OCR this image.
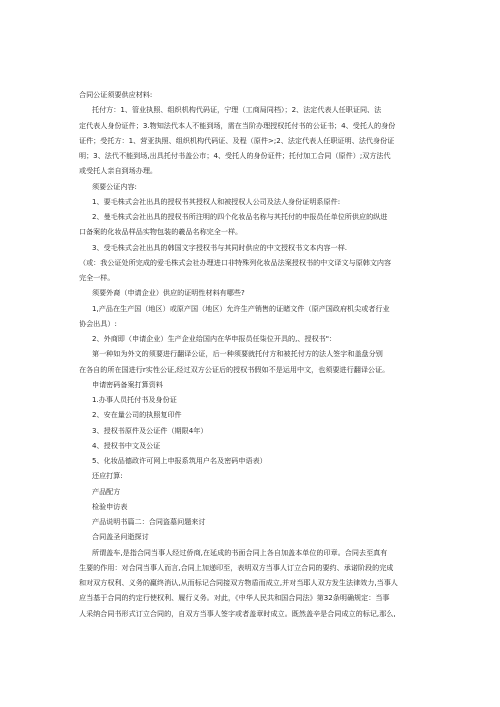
合同公证须要供应材料:
托付方：1、管业执照、组织机构代码证，宁理（工商局同档）；2、法定代表人任职证同、法
定代表人身份证件；3.物知法代本人不能到场，需在当阶办理授权托付书的公证书；4、受托人的身份
证件；受托方：1、营亚执照、组织机构代码证、及程（原件>;2、法定代表人任职证明、法代身份证
明；3、法代不能到场,出具托付书盖公市；4、受托人的身份证件；托付加工合同（原件）;双方法代
或受托人亲自到场办理。
须要公证内容:
1、要毛株式会社出具的授权书其授权人和被授权人公司及法人身份证明系原件:
2、曼毛株式会社出具的授权书所注明的四个化妆品名称与其托付的申报员任单位所供应的纵进
口备案的化妆品样品实物包装的羲品名称完全一样。
3、受毛株式会社出具的韩国文字授权书与其同时供应的中文授权书文本内容一样.
（或：我公证处所完成的爱毛株式会社办理进口非特殊列化妆品法案授权书的中文译文与原韩文内容
完全一样。
须要外裔（申请企业）供应的证明性材料有哪些?
1,产品在生产国（地区）或原产国（地区）允许生产销售的证睹文件（原产国政府机尖或者行业
协会出具）:
2、外商即（申请企业）生产企业给国内在华申报员任柒位开具的,、授权书"：
第一种如为外文的须要进行翻译公证，后一种须要就托付方和被托付方的法人签字和盖盘分别
在各自的所在国进行r实性公证,经过双方公证后的授权书假如不是运用中文，也须要进行翻译公证。
申请密码备案打算资料
1.办事人员托付书及身份证
2、安在量公司的执照复印件
3、授权书原件及公证件（期限4年）
4、授权书中文及公证
5、化妆品德政许可网上申报系筑用户名及密码申语表）
还应打算:
产品配方
检验申访表
产品说明书篇二：合同盗墓问题来讨
合同盖圣问逝探讨
所谓盖车,是指合同当事人经过侨商,在延成的书面合同上各自加盖本单位的印章。合同去至真有
生要的作用：对合同当事人而言,合同上加递印至，表明双方当事人订立合同的要约、承诺阶段的完成
和对双方权利、义务的羸终消认,从而标记合同接双方物盾而成立,并对当耶人双方发生法律效力,当事人
应当基于合同的约定行使权利、履行义务。对此，《中华人民共和国合同法》第32条明确规定：当事
人采纳合同书形式订立合同的，自双方当事人签字或者盖章时成立。既然盖辛是合同成立的标记,那么,
